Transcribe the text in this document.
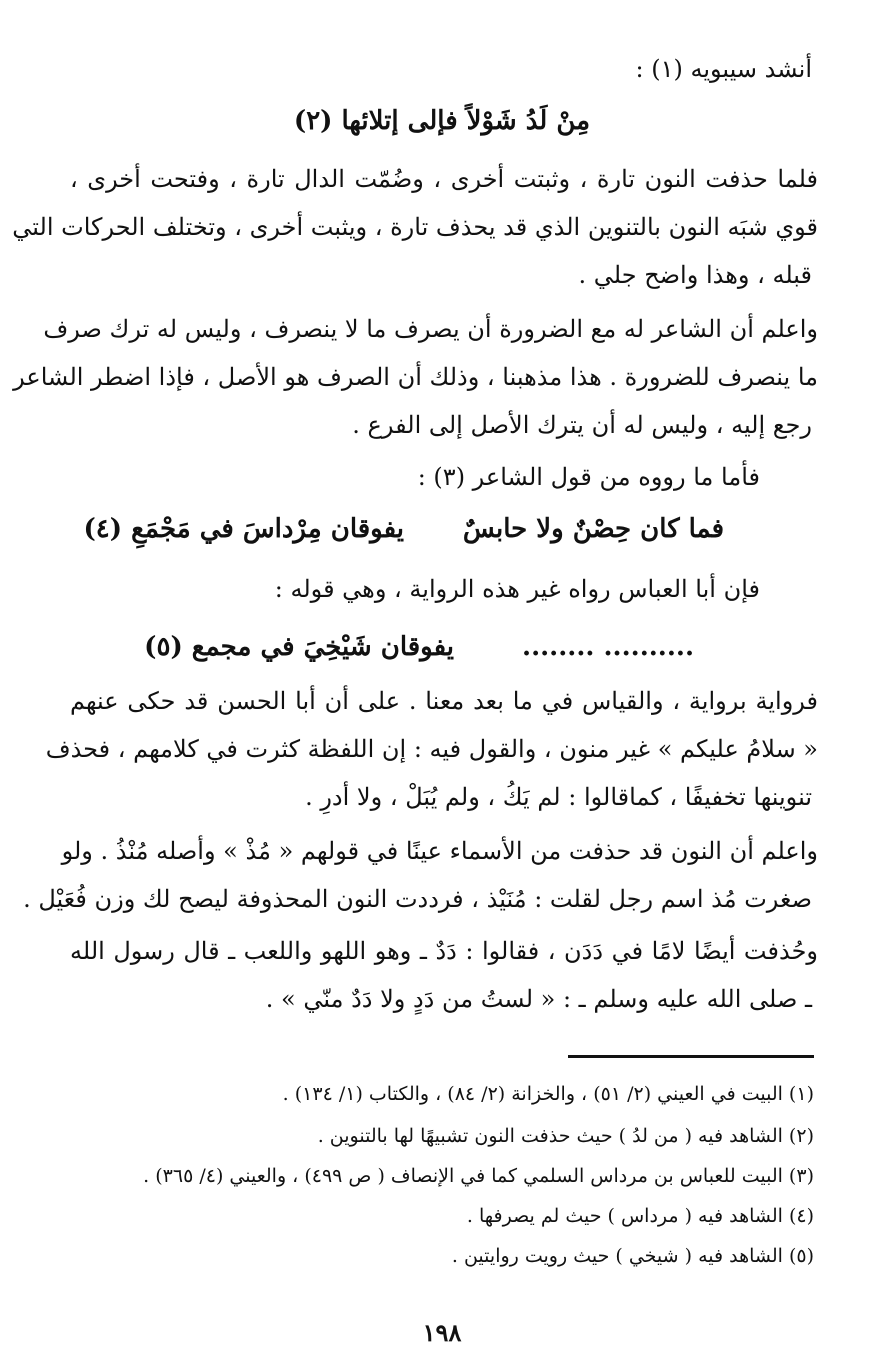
أنشد سيبويه (١) :
مِنْ لَدُ شَوْلاً فإلى إتلائها (٢)
فلما حذفت النون تارة ، وثبتت أخرى ، وضُمّت الدال تارة ، وفتحت أخرى ،
قوي شبَه النون بالتنوين الذي قد يحذف تارة ، ويثبت أخرى ، وتختلف الحركات التي
قبله ، وهذا واضح جلي .
واعلم أن الشاعر له مع الضرورة أن يصرف ما لا ينصرف ، وليس له ترك صرف
ما ينصرف للضرورة . هذا مذهبنا ، وذلك أن الصرف هو الأصل ، فإذا اضطر الشاعر
رجع إليه ، وليس له أن يترك الأصل إلى الفرع .
فأما ما رووه من قول الشاعر (٣) :
فما كان حِصْنٌ ولا حابسٌ
يفوقان مِرْداسَ في مَجْمَعِ (٤)
فإن أبا العباس رواه غير هذه الرواية ، وهي قوله :
.......... ........
يفوقان شَيْخِيَ في مجمع (٥)
فرواية برواية ، والقياس في ما بعد معنا . على أن أبا الحسن قد حكى عنهم
« سلامُ عليكم » غير منون ، والقول فيه : إن اللفظة كثرت في كلامهم ، فحذف
تنوينها تخفيفًا ، كماقالوا : لم يَكُ ، ولم يُبَلْ ، ولا أدرِ .
واعلم أن النون قد حذفت من الأسماء عينًا في قولهم « مُذْ » وأصله مُنْذُ . ولو
صغرت مُذ اسم رجل لقلت : مُنَيْذ ، فرددت النون المحذوفة ليصح لك وزن فُعَيْل .
وحُذفت أيضًا لامًا في دَدَن ، فقالوا : دَدٌ ـ وهو اللهو واللعب ـ قال رسول الله
ـ صلى الله عليه وسلم ـ : « لستُ من دَدٍ ولا دَدٌ منّي » .
(١) البيت في العيني (٢/ ٥١) ، والخزانة (٢/ ٨٤) ، والكتاب (١/ ١٣٤) .
(٢) الشاهد فيه ( من لدُ ) حيث حذفت النون تشبيهًا لها بالتنوين .
(٣) البيت للعباس بن مرداس السلمي كما في الإنصاف ( ص ٤٩٩) ، والعيني (٤/ ٣٦٥) .
(٤) الشاهد فيه ( مرداس ) حيث لم يصرفها .
(٥) الشاهد فيه ( شيخي ) حيث رويت روايتين .
١٩٨
